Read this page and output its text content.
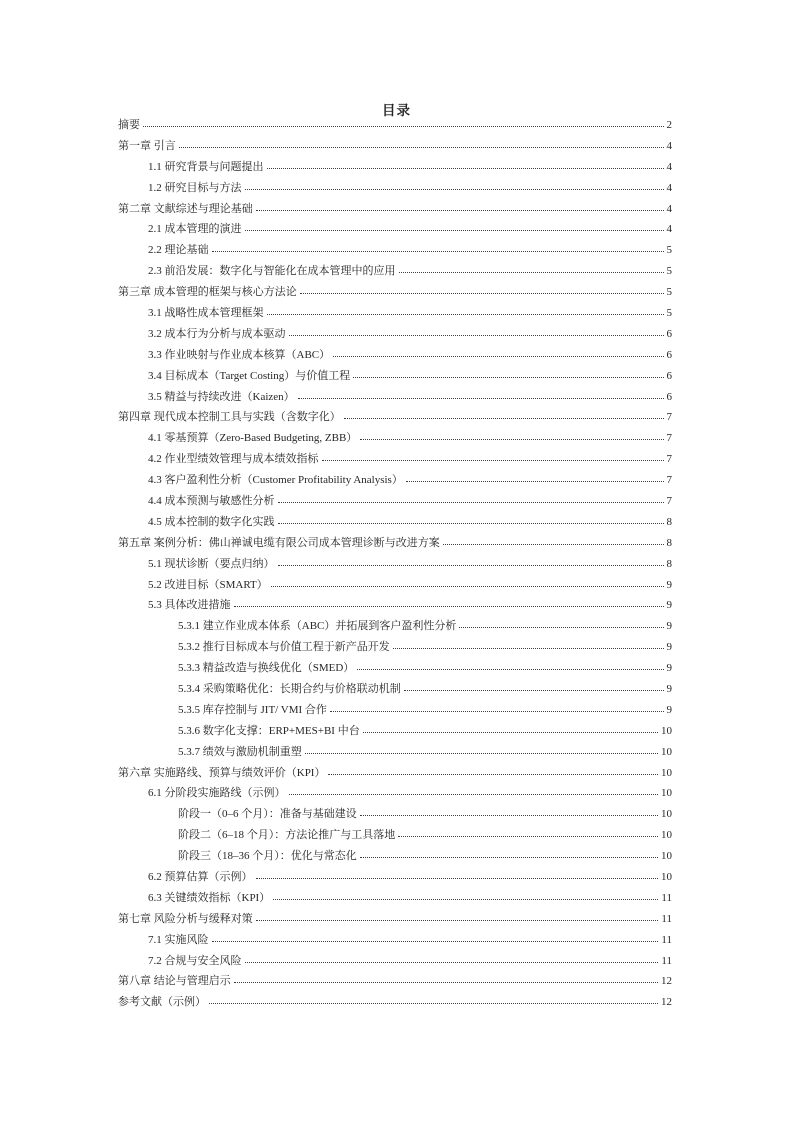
目录
摘要	2
第一章 引言	4
1.1 研究背景与问题提出	4
1.2 研究目标与方法	4
第二章 文献综述与理论基础	4
2.1 成本管理的演进	4
2.2 理论基础	5
2.3 前沿发展：数字化与智能化在成本管理中的应用	5
第三章 成本管理的框架与核心方法论	5
3.1 战略性成本管理框架	5
3.2 成本行为分析与成本驱动	6
3.3 作业映射与作业成本核算（ABC）	6
3.4 目标成本（Target Costing）与价值工程	6
3.5 精益与持续改进（Kaizen）	6
第四章 现代成本控制工具与实践（含数字化）	7
4.1 零基预算（Zero-Based Budgeting, ZBB）	7
4.2 作业型绩效管理与成本绩效指标	7
4.3 客户盈利性分析（Customer Profitability Analysis）	7
4.4 成本预测与敏感性分析	7
4.5 成本控制的数字化实践	8
第五章 案例分析：佛山禅诚电缆有限公司成本管理诊断与改进方案	8
5.1 现状诊断（要点归纳）	8
5.2 改进目标（SMART）	9
5.3 具体改进措施	9
5.3.1 建立作业成本体系（ABC）并拓展到客户盈利性分析	9
5.3.2 推行目标成本与价值工程于新产品开发	9
5.3.3 精益改造与换线优化（SMED）	9
5.3.4 采购策略优化：长期合约与价格联动机制	9
5.3.5 库存控制与 JIT/ VMI 合作	9
5.3.6 数字化支撑：ERP+MES+BI 中台	10
5.3.7 绩效与激励机制重塑	10
第六章 实施路线、预算与绩效评价（KPI）	10
6.1 分阶段实施路线（示例）	10
阶段一（0–6 个月）：准备与基础建设	10
阶段二（6–18 个月）：方法论推广与工具落地	10
阶段三（18–36 个月）：优化与常态化	10
6.2 预算估算（示例）	10
6.3 关键绩效指标（KPI）	11
第七章 风险分析与缓释对策	11
7.1 实施风险	11
7.2 合规与安全风险	11
第八章 结论与管理启示	12
参考文献（示例）	12
